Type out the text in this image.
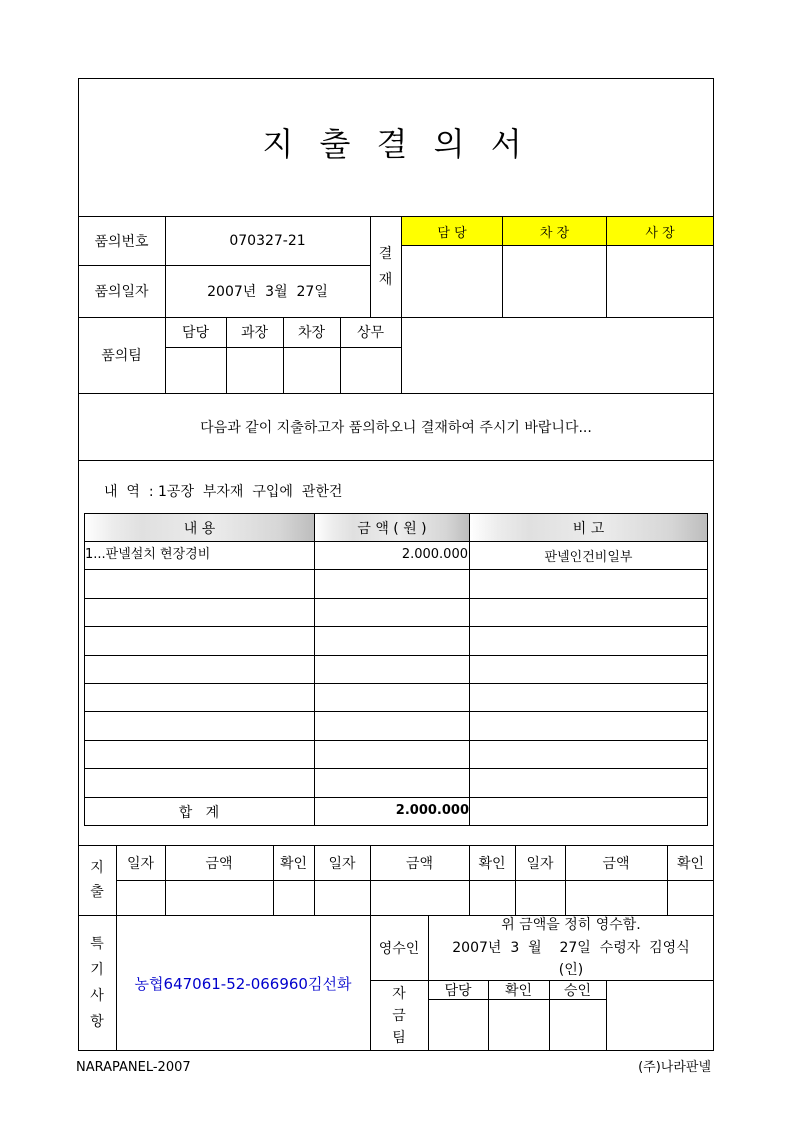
지 출 결 의 서
담 당	차 장	사 장
품의번호	070327-21
품의일자	2007년  3월  27일
결
재
품의팀
담당	과장	차장	상무
다음과 같이 지출하고자 품의하오니 결재하여 주시기 바랍니다...
내  역  : 1공장  부자재  구입에  관한건
내 용	금 액 ( 원 )	비 고
1...판넬설치 현장경비	2.000.000	판넬인건비일부
합   계	2.000.000
지
출
일자	금액	확인	일자	금액	확인	일자	금액	확인
특
기
사
항
농협647061-52-066960김선화
영수인
위 금액을 정히 영수함.
2007년  3  월    27일  수령자  김영식
(인)
자
금
팀
담당	확인	승인
NARAPANEL-2007	(주)나라판넬
